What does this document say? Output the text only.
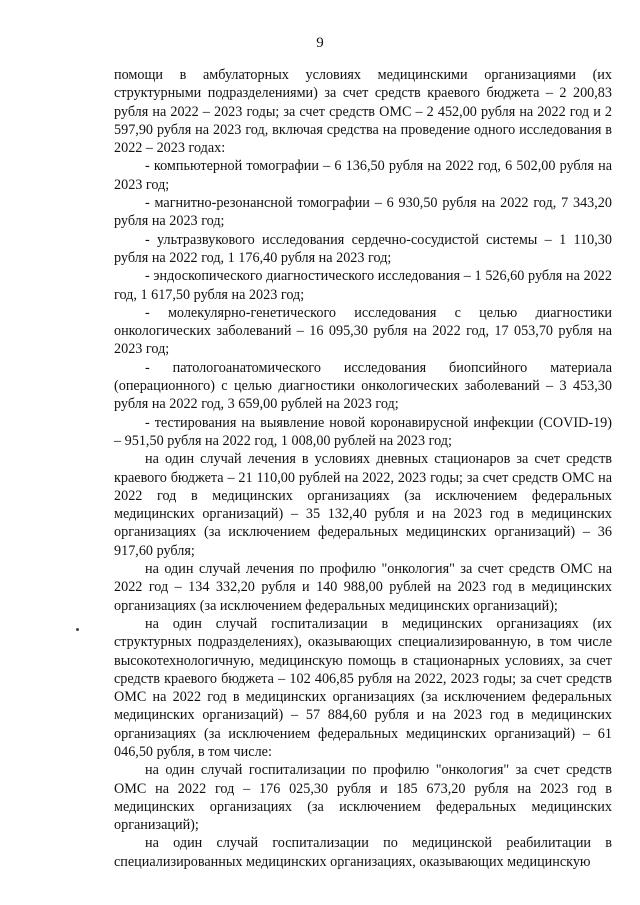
9

помощи в амбулаторных условиях медицинскими организациями (их структурными подразделениями) за счет средств краевого бюджета – 2 200,83 рубля на 2022 – 2023 годы; за счет средств ОМС – 2 452,00 рубля на 2022 год и 2 597,90 рубля на 2023 год, включая средства на проведение одного исследования в 2022 – 2023 годах:

- компьютерной томографии – 6 136,50 рубля на 2022 год, 6 502,00 рубля на 2023 год;

- магнитно-резонансной томографии – 6 930,50 рубля на 2022 год, 7 343,20 рубля на 2023 год;

- ультразвукового исследования сердечно-сосудистой системы – 1 110,30 рубля на 2022 год, 1 176,40 рубля на 2023 год;

- эндоскопического диагностического исследования – 1 526,60 рубля на 2022 год, 1 617,50 рубля на 2023 год;

- молекулярно-генетического исследования с целью диагностики онкологических заболеваний – 16 095,30 рубля на 2022 год, 17 053,70 рубля на 2023 год;

- патологоанатомического исследования биопсийного материала (операционного) с целью диагностики онкологических заболеваний – 3 453,30 рубля на 2022 год, 3 659,00 рублей на 2023 год;

- тестирования на выявление новой коронавирусной инфекции (COVID-19) – 951,50 рубля на 2022 год, 1 008,00 рублей на 2023 год;

на один случай лечения в условиях дневных стационаров за счет средств краевого бюджета – 21 110,00 рублей на 2022, 2023 годы; за счет средств ОМС на 2022 год в медицинских организациях (за исключением федеральных медицинских организаций) – 35 132,40 рубля и на 2023 год в медицинских организациях (за исключением федеральных медицинских организаций) – 36 917,60 рубля;

на один случай лечения по профилю "онкология" за счет средств ОМС на 2022 год – 134 332,20 рубля и 140 988,00 рублей на 2023 год в медицинских организациях (за исключением федеральных медицинских организаций);

на один случай госпитализации в медицинских организациях (их структурных подразделениях), оказывающих специализированную, в том числе высокотехнологичную, медицинскую помощь в стационарных условиях, за счет средств краевого бюджета – 102 406,85 рубля на 2022, 2023 годы; за счет средств ОМС на 2022 год в медицинских организациях (за исключением федеральных медицинских организаций) – 57 884,60 рубля и на 2023 год в медицинских организациях (за исключением федеральных медицинских организаций) – 61 046,50 рубля, в том числе:

на один случай госпитализации по профилю "онкология" за счет средств ОМС на 2022 год – 176 025,30 рубля и 185 673,20 рубля на 2023 год в медицинских организациях (за исключением федеральных медицинских организаций);

на один случай госпитализации по медицинской реабилитации в специализированных медицинских организациях, оказывающих медицинскую
